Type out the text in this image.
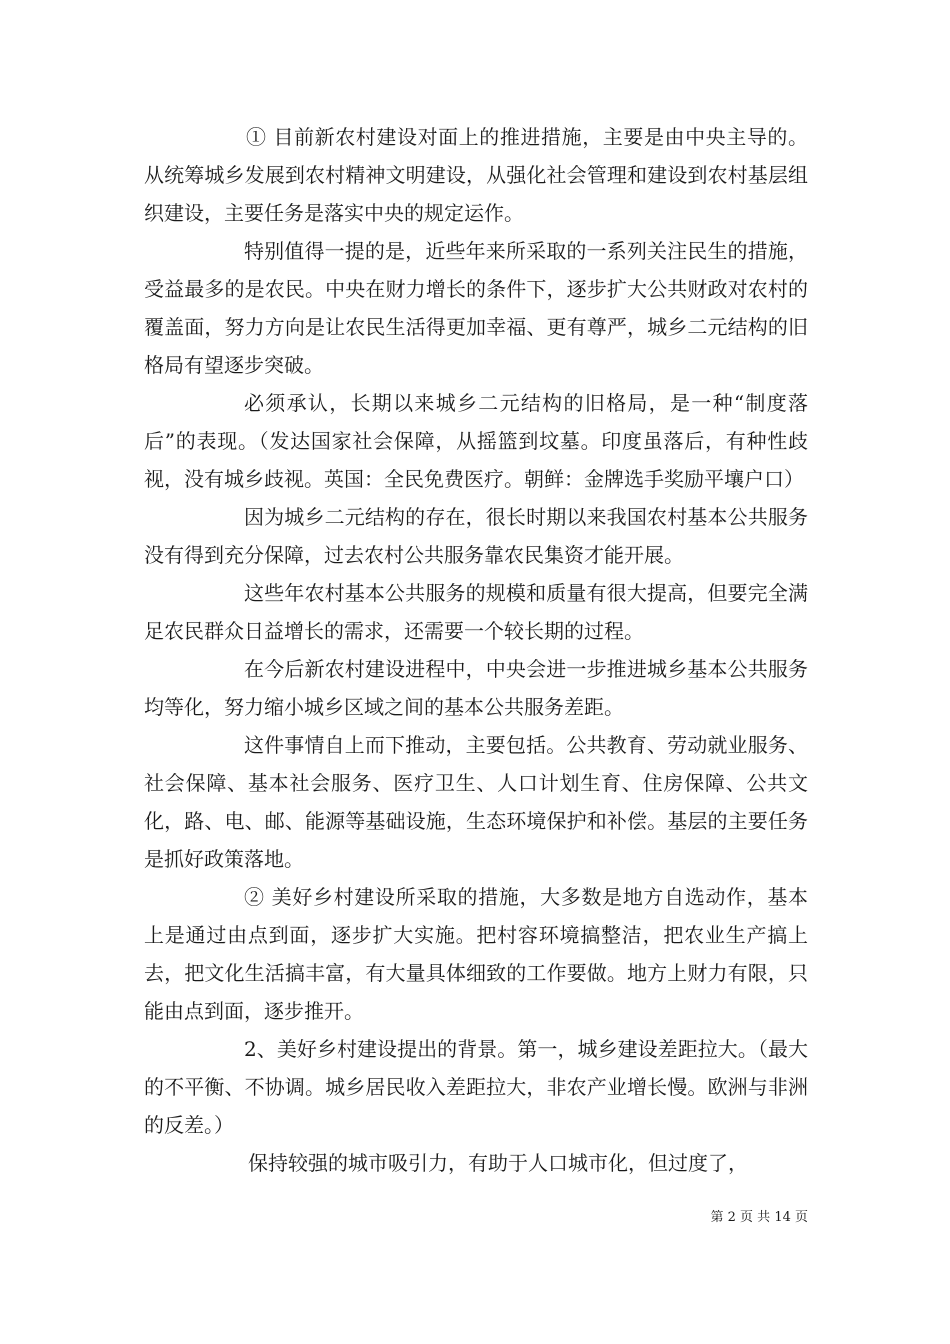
① 目前新农村建设对面上的推进措施，主要是由中央主导的。从统筹城乡发展到农村精神文明建设，从强化社会管理和建设到农村基层组织建设，主要任务是落实中央的规定运作。

特别值得一提的是，近些年来所采取的一系列关注民生的措施，受益最多的是农民。中央在财力增长的条件下，逐步扩大公共财政对农村的覆盖面，努力方向是让农民生活得更加幸福、更有尊严，城乡二元结构的旧格局有望逐步突破。

必须承认，长期以来城乡二元结构的旧格局，是一种“制度落后”的表现。（发达国家社会保障，从摇篮到坟墓。印度虽落后，有种性歧视，没有城乡歧视。英国：全民免费医疗。朝鲜：金牌选手奖励平壤户口）

因为城乡二元结构的存在，很长时期以来我国农村基本公共服务没有得到充分保障，过去农村公共服务靠农民集资才能开展。

这些年农村基本公共服务的规模和质量有很大提高，但要完全满足农民群众日益增长的需求，还需要一个较长期的过程。

在今后新农村建设进程中，中央会进一步推进城乡基本公共服务均等化，努力缩小城乡区域之间的基本公共服务差距。

这件事情自上而下推动，主要包括。公共教育、劳动就业服务、社会保障、基本社会服务、医疗卫生、人口计划生育、住房保障、公共文化，路、电、邮、能源等基础设施，生态环境保护和补偿。基层的主要任务是抓好政策落地。

② 美好乡村建设所采取的措施，大多数是地方自选动作，基本上是通过由点到面，逐步扩大实施。把村容环境搞整洁，把农业生产搞上去，把文化生活搞丰富，有大量具体细致的工作要做。地方上财力有限，只能由点到面，逐步推开。

2、美好乡村建设提出的背景。第一，城乡建设差距拉大。（最大的不平衡、不协调。城乡居民收入差距拉大，非农产业增长慢。欧洲与非洲的反差。）

保持较强的城市吸引力，有助于人口城市化，但过度了，

第 2 页 共 14 页
